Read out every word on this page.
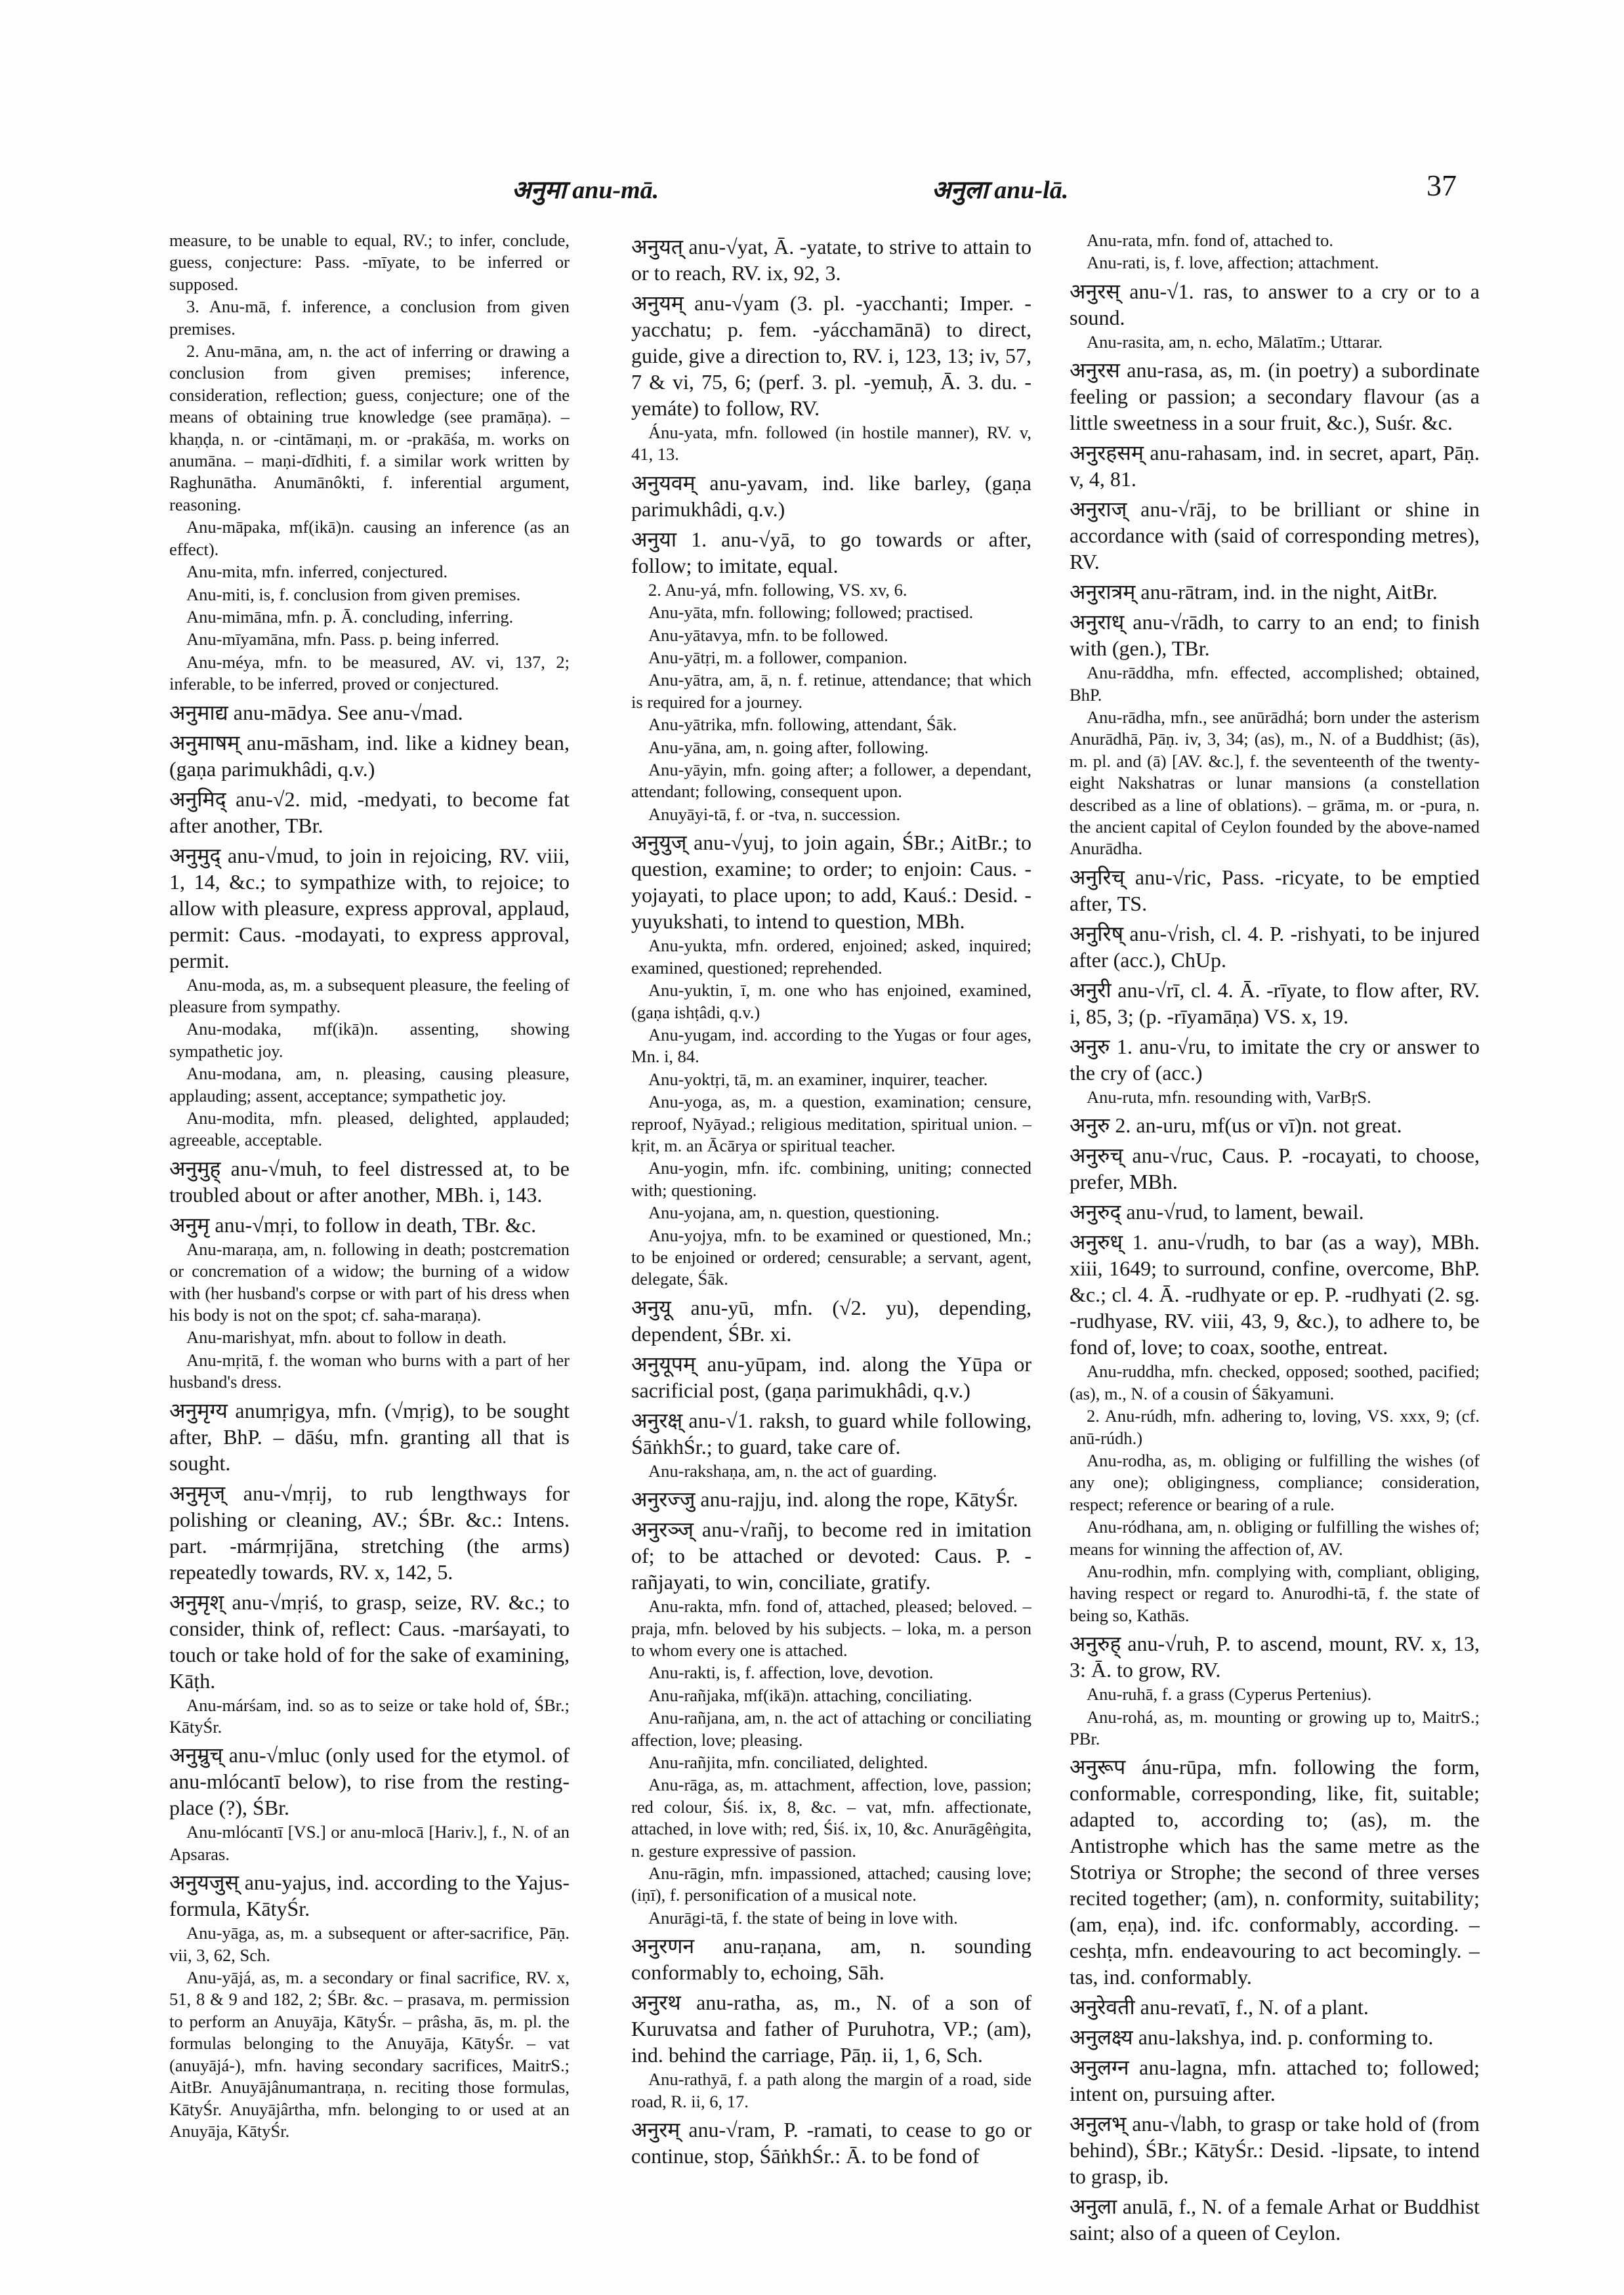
अनुमा anu-mā.	अनुला anu-lā.	37

measure, to be unable to equal, RV.; to infer, conclude, guess, conjecture: Pass. -mīyate, to be inferred or supposed.

3. Anu-mā, f. inference, a conclusion from given premises.

2. Anu-māna, am, n. the act of inferring or drawing a conclusion from given premises; inference, consideration, reflection; guess, conjecture; one of the means of obtaining true knowledge (see pramāṇa). – khaṇḍa, n. or -cintāmaṇi, m. or -prakāśa, m. works on anumāna. – maṇi-dīdhiti, f. a similar work written by Raghunātha. Anumānôkti, f. inferential argument, reasoning.

Anu-māpaka, mf(ikā)n. causing an inference (as an effect).

Anu-mita, mfn. inferred, conjectured.

Anu-miti, is, f. conclusion from given premises.

Anu-mimāna, mfn. p. Ā. concluding, inferring.

Anu-mīyamāna, mfn. Pass. p. being inferred.

Anu-méya, mfn. to be measured, AV. vi, 137, 2; inferable, to be inferred, proved or conjectured.

अनुमाद्य anu-mādya. See anu-√mad.

अनुमाषम् anu-māsham, ind. like a kidney bean, (gaṇa parimukhâdi, q.v.)

अनुमिद् anu-√2. mid, -medyati, to become fat after another, TBr.

अनुमुद् anu-√mud, to join in rejoicing, RV. viii, 1, 14, &c.; to sympathize with, to rejoice; to allow with pleasure, express approval, applaud, permit: Caus. -modayati, to express approval, permit.

Anu-moda, as, m. a subsequent pleasure, the feeling of pleasure from sympathy.

Anu-modaka, mf(ikā)n. assenting, showing sympathetic joy.

Anu-modana, am, n. pleasing, causing pleasure, applauding; assent, acceptance; sympathetic joy.

Anu-modita, mfn. pleased, delighted, applauded; agreeable, acceptable.

अनुमुह् anu-√muh, to feel distressed at, to be troubled about or after another, MBh. i, 143.

अनुमृ anu-√mṛi, to follow in death, TBr. &c.

Anu-maraṇa, am, n. following in death; postcremation or concremation of a widow; the burning of a widow with (her husband's corpse or with part of his dress when his body is not on the spot; cf. saha-maraṇa).

Anu-marishyat, mfn. about to follow in death.

Anu-mṛitā, f. the woman who burns with a part of her husband's dress.

अनुमृग्य anumṛigya, mfn. (√mṛig), to be sought after, BhP. – dāśu, mfn. granting all that is sought.

अनुमृज् anu-√mṛij, to rub lengthways for polishing or cleaning, AV.; ŚBr. &c.: Intens. part. -mármṛijāna, stretching (the arms) repeatedly towards, RV. x, 142, 5.

अनुमृश् anu-√mṛiś, to grasp, seize, RV. &c.; to consider, think of, reflect: Caus. -marśayati, to touch or take hold of for the sake of examining, Kāṭh.

Anu-márśam, ind. so as to seize or take hold of, ŚBr.; KātyŚr.

अनुम्रुच् anu-√mluc (only used for the etymol. of anu-mlócantī below), to rise from the resting-place (?), ŚBr.

Anu-mlócantī [VS.] or anu-mlocā [Hariv.], f., N. of an Apsaras.

अनुयजुस् anu-yajus, ind. according to the Yajus-formula, KātyŚr.

Anu-yāga, as, m. a subsequent or after-sacrifice, Pāṇ. vii, 3, 62, Sch.

Anu-yājá, as, m. a secondary or final sacrifice, RV. x, 51, 8 & 9 and 182, 2; ŚBr. &c. – prasava, m. permission to perform an Anuyāja, KātyŚr. – prâsha, ās, m. pl. the formulas belonging to the Anuyāja, KātyŚr. – vat (anuyājá-), mfn. having secondary sacrifices, MaitrS.; AitBr. Anuyājânumantraṇa, n. reciting those formulas, KātyŚr. Anuyājârtha, mfn. belonging to or used at an Anuyāja, KātyŚr.

अनुयत् anu-√yat, Ā. -yatate, to strive to attain to or to reach, RV. ix, 92, 3.

अनुयम् anu-√yam (3. pl. -yacchanti; Imper. -yacchatu; p. fem. -yácchamānā) to direct, guide, give a direction to, RV. i, 123, 13; iv, 57, 7 & vi, 75, 6; (perf. 3. pl. -yemuḥ, Ā. 3. du. -yemáte) to follow, RV.

Ánu-yata, mfn. followed (in hostile manner), RV. v, 41, 13.

अनुयवम् anu-yavam, ind. like barley, (gaṇa parimukhâdi, q.v.)

अनुया 1. anu-√yā, to go towards or after, follow; to imitate, equal.

2. Anu-yá, mfn. following, VS. xv, 6.

Anu-yāta, mfn. following; followed; practised.

Anu-yātavya, mfn. to be followed.

Anu-yātṛi, m. a follower, companion.

Anu-yātra, am, ā, n. f. retinue, attendance; that which is required for a journey.

Anu-yātrika, mfn. following, attendant, Śāk.

Anu-yāna, am, n. going after, following.

Anu-yāyin, mfn. going after; a follower, a dependant, attendant; following, consequent upon.

Anuyāyi-tā, f. or -tva, n. succession.

अनुयुज् anu-√yuj, to join again, ŚBr.; AitBr.; to question, examine; to order; to enjoin: Caus. -yojayati, to place upon; to add, Kauś.: Desid. -yuyukshati, to intend to question, MBh.

Anu-yukta, mfn. ordered, enjoined; asked, inquired; examined, questioned; reprehended.

Anu-yuktin, ī, m. one who has enjoined, examined, (gaṇa ishṭâdi, q.v.)

Anu-yugam, ind. according to the Yugas or four ages, Mn. i, 84.

Anu-yoktṛi, tā, m. an examiner, inquirer, teacher.

Anu-yoga, as, m. a question, examination; censure, reproof, Nyāyad.; religious meditation, spiritual union. – kṛit, m. an Ācārya or spiritual teacher.

Anu-yogin, mfn. ifc. combining, uniting; connected with; questioning.

Anu-yojana, am, n. question, questioning.

Anu-yojya, mfn. to be examined or questioned, Mn.; to be enjoined or ordered; censurable; a servant, agent, delegate, Śāk.

अनुयू anu-yū, mfn. (√2. yu), depending, dependent, ŚBr. xi.

अनुयूपम् anu-yūpam, ind. along the Yūpa or sacrificial post, (gaṇa parimukhâdi, q.v.)

अनुरक्ष् anu-√1. raksh, to guard while following, ŚāṅkhŚr.; to guard, take care of.

Anu-rakshaṇa, am, n. the act of guarding.

अनुरज्जु anu-rajju, ind. along the rope, KātyŚr.

अनुरञ्ज् anu-√rañj, to become red in imitation of; to be attached or devoted: Caus. P. -rañjayati, to win, conciliate, gratify.

Anu-rakta, mfn. fond of, attached, pleased; beloved. – praja, mfn. beloved by his subjects. – loka, m. a person to whom every one is attached.

Anu-rakti, is, f. affection, love, devotion.

Anu-rañjaka, mf(ikā)n. attaching, conciliating.

Anu-rañjana, am, n. the act of attaching or conciliating affection, love; pleasing.

Anu-rañjita, mfn. conciliated, delighted.

Anu-rāga, as, m. attachment, affection, love, passion; red colour, Śiś. ix, 8, &c. – vat, mfn. affectionate, attached, in love with; red, Śiś. ix, 10, &c. Anurāgêṅgita, n. gesture expressive of passion.

Anu-rāgin, mfn. impassioned, attached; causing love; (iṇī), f. personification of a musical note.

Anurāgi-tā, f. the state of being in love with.

अनुरणन anu-raṇana, am, n. sounding conformably to, echoing, Sāh.

अनुरथ anu-ratha, as, m., N. of a son of Kuruvatsa and father of Puruhotra, VP.; (am), ind. behind the carriage, Pāṇ. ii, 1, 6, Sch.

Anu-rathyā, f. a path along the margin of a road, side road, R. ii, 6, 17.

अनुरम् anu-√ram, P. -ramati, to cease to go or continue, stop, ŚāṅkhŚr.: Ā. to be fond of

Anu-rata, mfn. fond of, attached to.

Anu-rati, is, f. love, affection; attachment.

अनुरस् anu-√1. ras, to answer to a cry or to a sound.

Anu-rasita, am, n. echo, Mālatīm.; Uttarar.

अनुरस anu-rasa, as, m. (in poetry) a subordinate feeling or passion; a secondary flavour (as a little sweetness in a sour fruit, &c.), Suśr. &c.

अनुरहसम् anu-rahasam, ind. in secret, apart, Pāṇ. v, 4, 81.

अनुराज् anu-√rāj, to be brilliant or shine in accordance with (said of corresponding metres), RV.

अनुरात्रम् anu-rātram, ind. in the night, AitBr.

अनुराध् anu-√rādh, to carry to an end; to finish with (gen.), TBr.

Anu-rāddha, mfn. effected, accomplished; obtained, BhP.

Anu-rādha, mfn., see anūrādhá; born under the asterism Anurādhā, Pāṇ. iv, 3, 34; (as), m., N. of a Buddhist; (ās), m. pl. and (ā) [AV. &c.], f. the seventeenth of the twenty-eight Nakshatras or lunar mansions (a constellation described as a line of oblations). – grāma, m. or -pura, n. the ancient capital of Ceylon founded by the above-named Anurādha.

अनुरिच् anu-√ric, Pass. -ricyate, to be emptied after, TS.

अनुरिष् anu-√rish, cl. 4. P. -rishyati, to be injured after (acc.), ChUp.

अनुरी anu-√rī, cl. 4. Ā. -rīyate, to flow after, RV. i, 85, 3; (p. -rīyamāṇa) VS. x, 19.

अनुरु 1. anu-√ru, to imitate the cry or answer to the cry of (acc.)

Anu-ruta, mfn. resounding with, VarBṛS.

अनुरु 2. an-uru, mf(us or vī)n. not great.

अनुरुच् anu-√ruc, Caus. P. -rocayati, to choose, prefer, MBh.

अनुरुद् anu-√rud, to lament, bewail.

अनुरुध् 1. anu-√rudh, to bar (as a way), MBh. xiii, 1649; to surround, confine, overcome, BhP. &c.; cl. 4. Ā. -rudhyate or ep. P. -rudhyati (2. sg. -rudhyase, RV. viii, 43, 9, &c.), to adhere to, be fond of, love; to coax, soothe, entreat.

Anu-ruddha, mfn. checked, opposed; soothed, pacified; (as), m., N. of a cousin of Śākyamuni.

2. Anu-rúdh, mfn. adhering to, loving, VS. xxx, 9; (cf. anū-rúdh.)

Anu-rodha, as, m. obliging or fulfilling the wishes (of any one); obligingness, compliance; consideration, respect; reference or bearing of a rule.

Anu-ródhana, am, n. obliging or fulfilling the wishes of; means for winning the affection of, AV.

Anu-rodhin, mfn. complying with, compliant, obliging, having respect or regard to. Anurodhi-tā, f. the state of being so, Kathās.

अनुरुह् anu-√ruh, P. to ascend, mount, RV. x, 13, 3: Ā. to grow, RV.

Anu-ruhā, f. a grass (Cyperus Pertenius).

Anu-rohá, as, m. mounting or growing up to, MaitrS.; PBr.

अनुरूप ánu-rūpa, mfn. following the form, conformable, corresponding, like, fit, suitable; adapted to, according to; (as), m. the Antistrophe which has the same metre as the Stotriya or Strophe; the second of three verses recited together; (am), n. conformity, suitability; (am, eṇa), ind. ifc. conformably, according. – ceshṭa, mfn. endeavouring to act becomingly. – tas, ind. conformably.

अनुरेवती anu-revatī, f., N. of a plant.

अनुलक्ष्य anu-lakshya, ind. p. conforming to.

अनुलग्न anu-lagna, mfn. attached to; followed; intent on, pursuing after.

अनुलभ् anu-√labh, to grasp or take hold of (from behind), ŚBr.; KātyŚr.: Desid. -lipsate, to intend to grasp, ib.

अनुला anulā, f., N. of a female Arhat or Buddhist saint; also of a queen of Ceylon.
